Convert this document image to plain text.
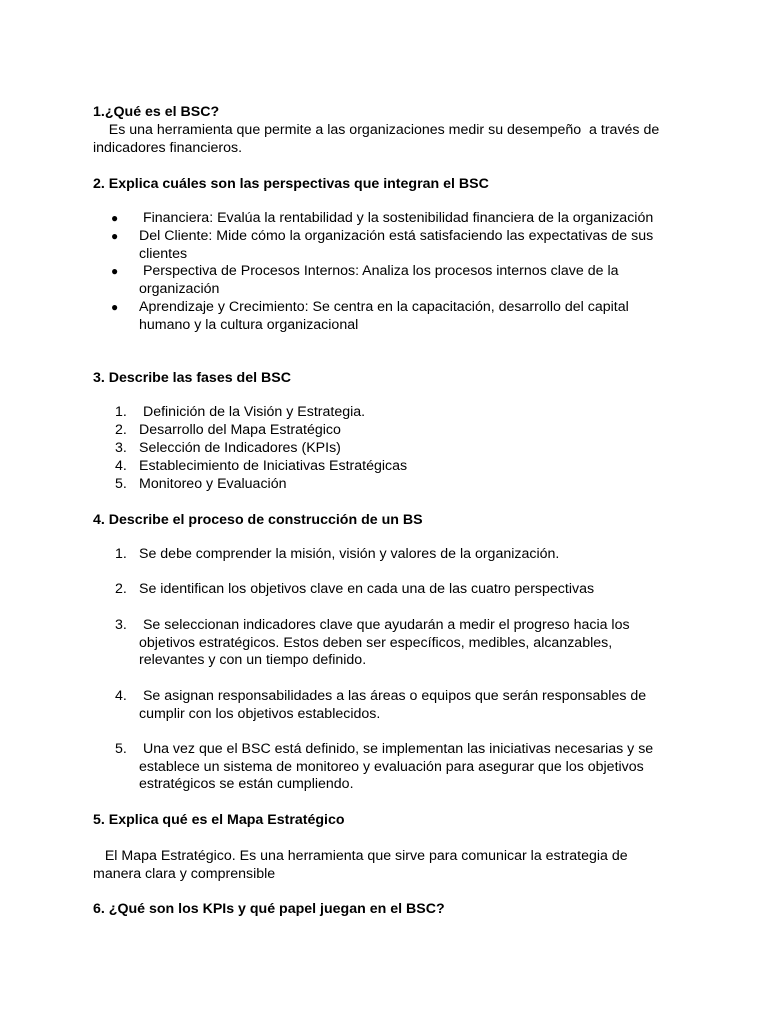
1.¿Qué es el BSC?
Es una herramienta que permite a las organizaciones medir su desempeño  a través de indicadores financieros.
2. Explica cuáles son las perspectivas que integran el BSC
●	Financiera: Evalúa la rentabilidad y la sostenibilidad financiera de la organización
●	Del Cliente: Mide cómo la organización está satisfaciendo las expectativas de sus clientes
●	Perspectiva de Procesos Internos: Analiza los procesos internos clave de la organización
●	Aprendizaje y Crecimiento: Se centra en la capacitación, desarrollo del capital humano y la cultura organizacional
3. Describe las fases del BSC
1. Definición de la Visión y Estrategia.
2. Desarrollo del Mapa Estratégico
3. Selección de Indicadores (KPIs)
4. Establecimiento de Iniciativas Estratégicas
5. Monitoreo y Evaluación
4. Describe el proceso de construcción de un BS
1. Se debe comprender la misión, visión y valores de la organización.
2. Se identifican los objetivos clave en cada una de las cuatro perspectivas
3. Se seleccionan indicadores clave que ayudarán a medir el progreso hacia los objetivos estratégicos. Estos deben ser específicos, medibles, alcanzables, relevantes y con un tiempo definido.
4. Se asignan responsabilidades a las áreas o equipos que serán responsables de cumplir con los objetivos establecidos.
5. Una vez que el BSC está definido, se implementan las iniciativas necesarias y se establece un sistema de monitoreo y evaluación para asegurar que los objetivos estratégicos se están cumpliendo.
5. Explica qué es el Mapa Estratégico
El Mapa Estratégico. Es una herramienta que sirve para comunicar la estrategia de manera clara y comprensible
6. ¿Qué son los KPIs y qué papel juegan en el BSC?
